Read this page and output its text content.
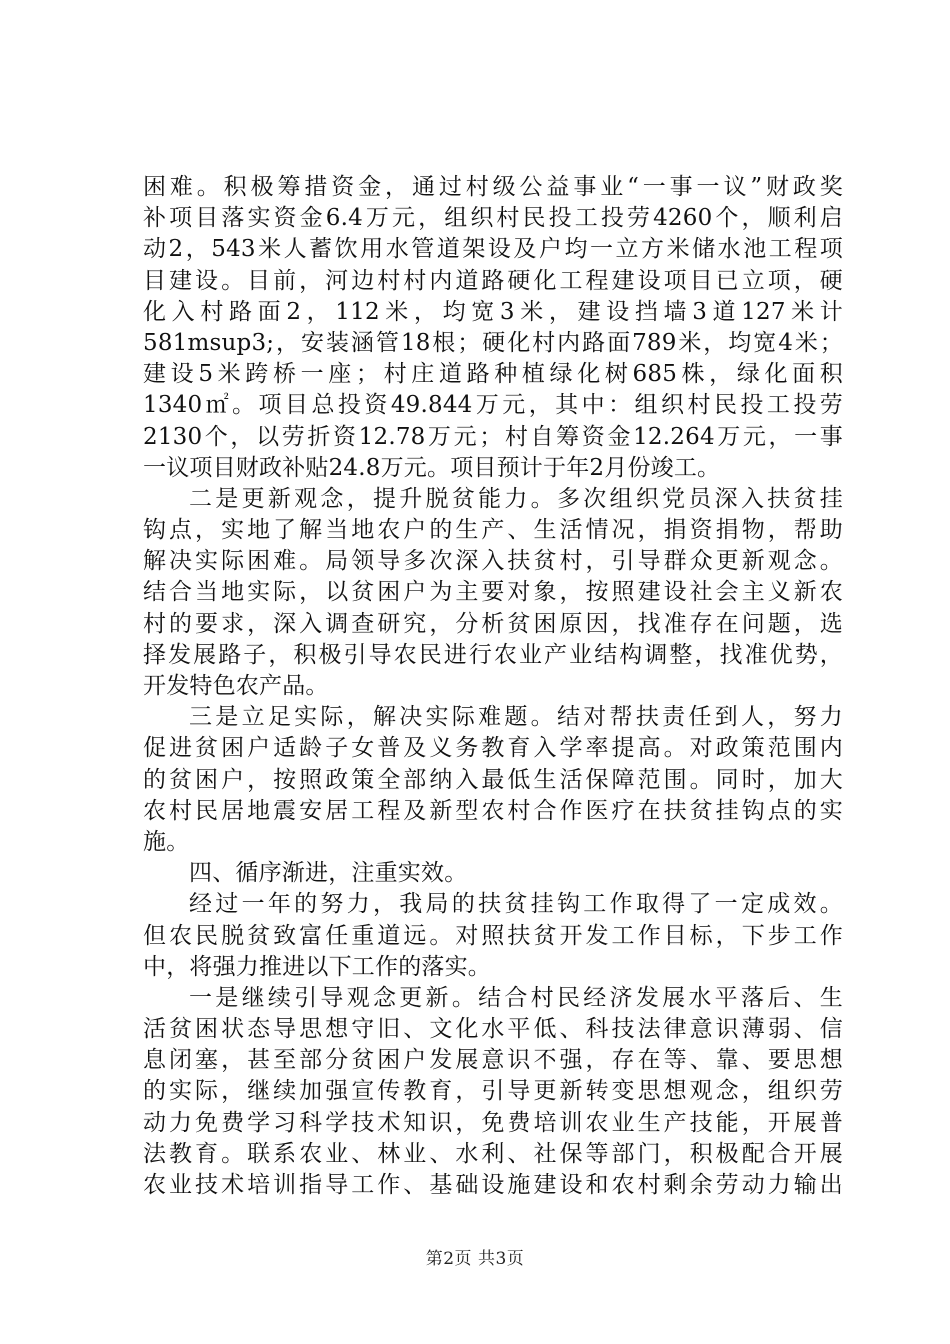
困难。积极筹措资金，通过村级公益事业“一事一议”财政奖
补项目落实资金6.4万元，组织村民投工投劳4260个，顺利启
动2，543米人蓄饮用水管道架设及户均一立方米储水池工程项
目建设。目前，河边村村内道路硬化工程建设项目已立项，硬
化入村路面2，112米，均宽3米，建设挡墙3道127米计
581msup3;，安装涵管18根；硬化村内路面789米，均宽4米；
建设5米跨桥一座；村庄道路种植绿化树685株，绿化面积
1340㎡。项目总投资49.844万元，其中：组织村民投工投劳
2130个，以劳折资12.78万元；村自筹资金12.264万元，一事
一议项目财政补贴24.8万元。项目预计于年2月份竣工。
二是更新观念，提升脱贫能力。多次组织党员深入扶贫挂
钩点，实地了解当地农户的生产、生活情况，捐资捐物，帮助
解决实际困难。局领导多次深入扶贫村，引导群众更新观念。
结合当地实际，以贫困户为主要对象，按照建设社会主义新农
村的要求，深入调查研究，分析贫困原因，找准存在问题，选
择发展路子，积极引导农民进行农业产业结构调整，找准优势，
开发特色农产品。
三是立足实际，解决实际难题。结对帮扶责任到人，努力
促进贫困户适龄子女普及义务教育入学率提高。对政策范围内
的贫困户，按照政策全部纳入最低生活保障范围。同时，加大
农村民居地震安居工程及新型农村合作医疗在扶贫挂钩点的实
施。
四、循序渐进，注重实效。
经过一年的努力，我局的扶贫挂钩工作取得了一定成效。
但农民脱贫致富任重道远。对照扶贫开发工作目标，下步工作
中，将强力推进以下工作的落实。
一是继续引导观念更新。结合村民经济发展水平落后、生
活贫困状态导思想守旧、文化水平低、科技法律意识薄弱、信
息闭塞，甚至部分贫困户发展意识不强，存在等、靠、要思想
的实际，继续加强宣传教育，引导更新转变思想观念，组织劳
动力免费学习科学技术知识，免费培训农业生产技能，开展普
法教育。联系农业、林业、水利、社保等部门，积极配合开展
农业技术培训指导工作、基础设施建设和农村剩余劳动力输出
第2页 共3页
